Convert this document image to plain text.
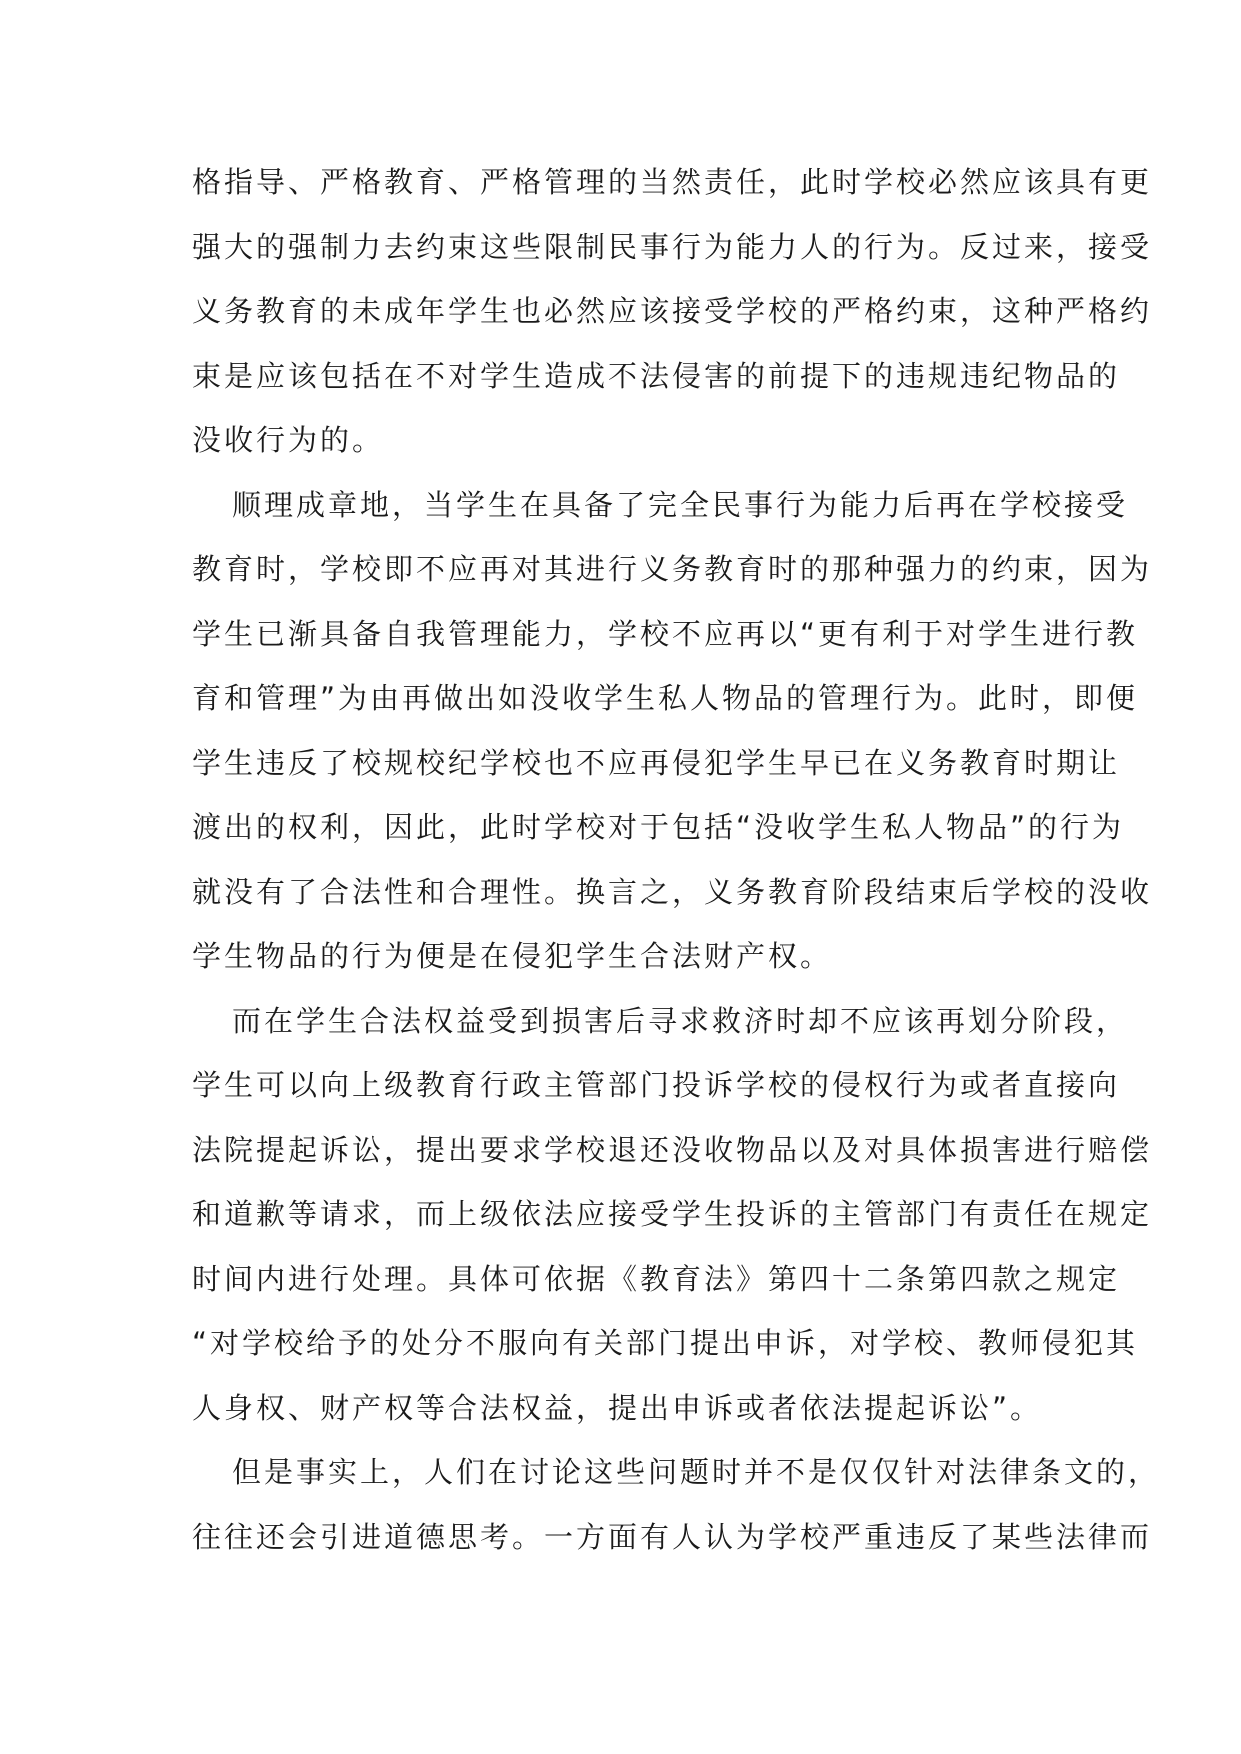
格指导、严格教育、严格管理的当然责任，此时学校必然应该具有更
强大的强制力去约束这些限制民事行为能力人的行为。反过来，接受
义务教育的未成年学生也必然应该接受学校的严格约束，这种严格约
束是应该包括在不对学生造成不法侵害的前提下的违规违纪物品的
没收行为的。
顺理成章地，当学生在具备了完全民事行为能力后再在学校接受
教育时，学校即不应再对其进行义务教育时的那种强力的约束，因为
学生已渐具备自我管理能力，学校不应再以“更有利于对学生进行教
育和管理”为由再做出如没收学生私人物品的管理行为。此时，即便
学生违反了校规校纪学校也不应再侵犯学生早已在义务教育时期让
渡出的权利，因此，此时学校对于包括“没收学生私人物品”的行为
就没有了合法性和合理性。换言之，义务教育阶段结束后学校的没收
学生物品的行为便是在侵犯学生合法财产权。
而在学生合法权益受到损害后寻求救济时却不应该再划分阶段，
学生可以向上级教育行政主管部门投诉学校的侵权行为或者直接向
法院提起诉讼，提出要求学校退还没收物品以及对具体损害进行赔偿
和道歉等请求，而上级依法应接受学生投诉的主管部门有责任在规定
时间内进行处理。具体可依据《教育法》第四十二条第四款之规定
“对学校给予的处分不服向有关部门提出申诉，对学校、教师侵犯其
人身权、财产权等合法权益，提出申诉或者依法提起诉讼”。
但是事实上，人们在讨论这些问题时并不是仅仅针对法律条文的，
往往还会引进道德思考。一方面有人认为学校严重违反了某些法律而
